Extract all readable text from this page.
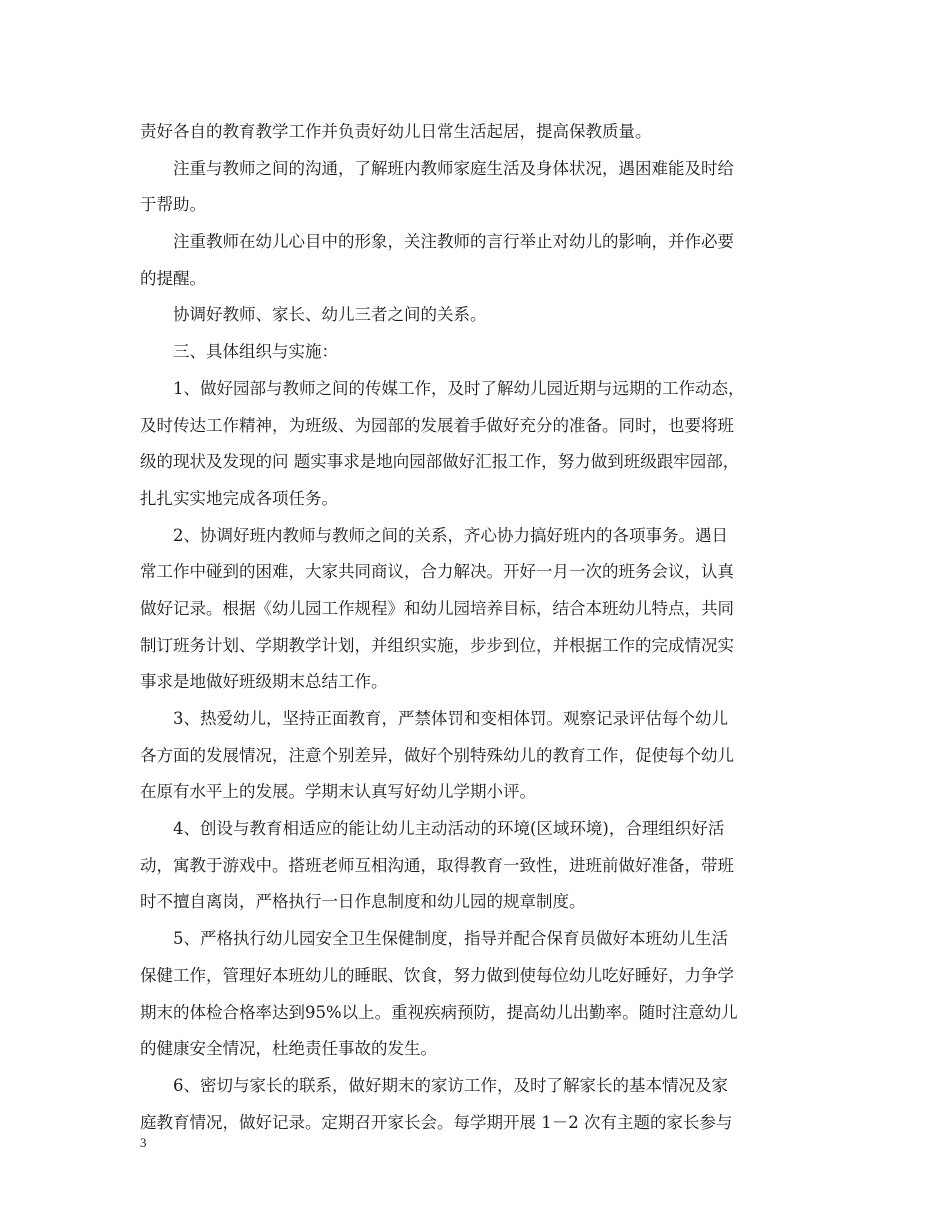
责好各自的教育教学工作并负责好幼儿日常生活起居，提高保教质量。
注重与教师之间的沟通，了解班内教师家庭生活及身体状况，遇困难能及时给
于帮助。
注重教师在幼儿心目中的形象，关注教师的言行举止对幼儿的影响，并作必要
的提醒。
协调好教师、家长、幼儿三者之间的关系。
三、具体组织与实施：
1、做好园部与教师之间的传媒工作，及时了解幼儿园近期与远期的工作动态，
及时传达工作精神，为班级、为园部的发展着手做好充分的准备。同时，也要将班
级的现状及发现的问 题实事求是地向园部做好汇报工作，努力做到班级跟牢园部，
扎扎实实地完成各项任务。
2、协调好班内教师与教师之间的关系，齐心协力搞好班内的各项事务。遇日
常工作中碰到的困难，大家共同商议，合力解决。开好一月一次的班务会议，认真
做好记录。根据《幼儿园工作规程》和幼儿园培养目标，结合本班幼儿特点，共同
制订班务计划、学期教学计划，并组织实施，步步到位，并根据工作的完成情况实
事求是地做好班级期末总结工作。
3、热爱幼儿，坚持正面教育，严禁体罚和变相体罚。观察记录评估每个幼儿
各方面的发展情况，注意个别差异，做好个别特殊幼儿的教育工作，促使每个幼儿
在原有水平上的发展。学期末认真写好幼儿学期小评。
4、创设与教育相适应的能让幼儿主动活动的环境(区域环境)，合理组织好活
动，寓教于游戏中。搭班老师互相沟通，取得教育一致性，进班前做好准备，带班
时不擅自离岗，严格执行一日作息制度和幼儿园的规章制度。
5、严格执行幼儿园安全卫生保健制度，指导并配合保育员做好本班幼儿生活
保健工作，管理好本班幼儿的睡眠、饮食，努力做到使每位幼儿吃好睡好，力争学
期末的体检合格率达到95%以上。重视疾病预防，提高幼儿出勤率。随时注意幼儿
的健康安全情况，杜绝责任事故的发生。
6、密切与家长的联系，做好期末的家访工作，及时了解家长的基本情况及家
庭教育情况，做好记录。定期召开家长会。每学期开展 1－2 次有主题的家长参与
3
